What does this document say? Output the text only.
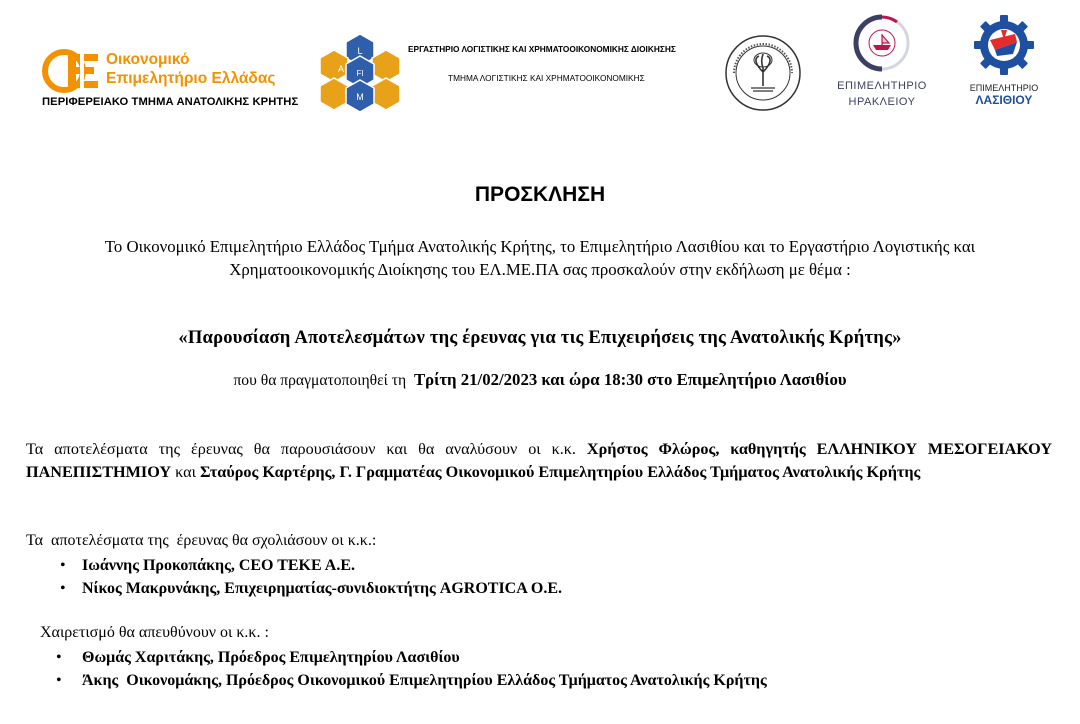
Οικονομικό
Επιμελητήριο Ελλάδας
ΠΕΡΙΦΕΡΕΙΑΚΟ ΤΜΗΜΑ ΑΝΑΤΟΛΙΚΗΣ ΚΡΗΤΗΣ
L
A FI
M
ΕΡΓΑΣΤΗΡΙΟ ΛΟΓΙΣΤΙΚΗΣ ΚΑΙ ΧΡΗΜΑΤΟΟΙΚΟΝΟΜΙΚΗΣ ΔΙΟΙΚΗΣΗΣ
ΤΜΗΜΑ ΛΟΓΙΣΤΙΚΗΣ ΚΑΙ ΧΡΗΜΑΤΟΟΙΚΟΝΟΜΙΚΗΣ
ΕΠΙΜΕΛΗΤΗΡΙΟ
ΗΡΑΚΛΕΙΟΥ
ΕΠΙΜΕΛΗΤΗΡΙΟ
ΛΑΣΙΘΙΟΥ
ΠΡΟΣΚΛΗΣΗ
Το Οικονομικό Επιμελητήριο Ελλάδος Τμήμα Ανατολικής Κρήτης, το Επιμελητήριο Λασιθίου και το Εργαστήριο Λογιστικής και Χρηματοοικονομικής Διοίκησης του ΕΛ.ΜΕ.ΠΑ σας προσκαλούν στην εκδήλωση με θέμα :
«Παρουσίαση Αποτελεσμάτων της έρευνας για τις Επιχειρήσεις της Ανατολικής Κρήτης»
που θα πραγματοποιηθεί τη Τρίτη 21/02/2023 και ώρα 18:30 στο Επιμελητήριο Λασιθίου
Τα αποτελέσματα της έρευνας θα παρουσιάσουν και θα αναλύσουν οι κ.κ. Χρήστος Φλώρος, καθηγητής ΕΛΛΗΝΙΚΟΥ ΜΕΣΟΓΕΙΑΚΟΥ ΠΑΝΕΠΙΣΤΗΜΙΟΥ και Σταύρος Καρτέρης, Γ. Γραμματέας Οικονομικού Επιμελητηρίου Ελλάδος Τμήματος Ανατολικής Κρήτης
Τα  αποτελέσματα της  έρευνας θα σχολιάσουν οι κ.κ.:
• Ιωάννης Προκοπάκης, CEO TEKE A.E.
• Νίκος Μακρυνάκης, Επιχειρηματίας-συνιδιοκτήτης AGROTICA Ο.Ε.
Χαιρετισμό θα απευθύνουν οι κ.κ. :
• Θωμάς Χαριτάκης, Πρόεδρος Επιμελητηρίου Λασιθίου
• Άκης  Οικονομάκης, Πρόεδρος Οικονομικού Επιμελητηρίου Ελλάδος Τμήματος Ανατολικής Κρήτης
